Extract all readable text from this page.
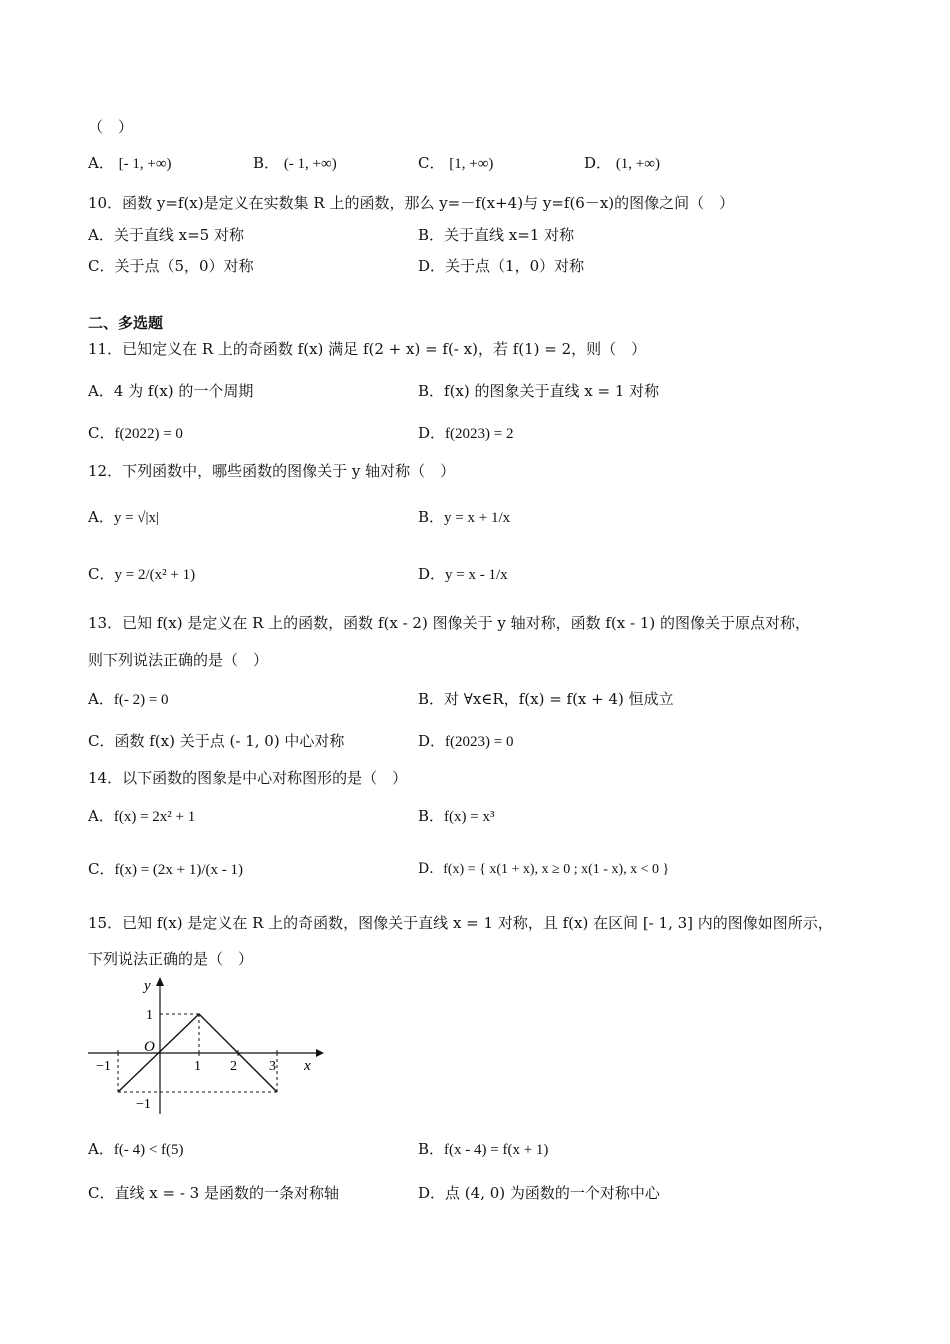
（　）
A． [- 1, +∞)	B． (- 1, +∞)	C． [1, +∞)	D． (1, +∞)
10．函数 y=f(x)是定义在实数集 R 上的函数，那么 y=－f(x+4)与 y=f(6－x)的图像之间（　）
A．关于直线 x=5 对称	B．关于直线 x=1 对称
C．关于点（5，0）对称	D．关于点（1，0）对称
二、多选题
11．已知定义在 R 上的奇函数 f(x) 满足 f(2 + x) = f(- x)，若 f(1) = 2，则（　）
A．4 为 f(x) 的一个周期	B．f(x) 的图象关于直线 x = 1 对称
C．f(2022) = 0	D．f(2023) = 2
12．下列函数中，哪些函数的图像关于 y 轴对称（　）
A．y = √|x|	B．y = x + 1/x
C．y = 2/(x² + 1)	D．y = x - 1/x
13．已知 f(x) 是定义在 R 上的函数，函数 f(x - 2) 图像关于 y 轴对称，函数 f(x - 1) 的图像关于原点对称，
则下列说法正确的是（　）
A．f(- 2) = 0	B．对 ∀x∈R，f(x) = f(x + 4) 恒成立
C．函数 f(x) 关于点 (- 1, 0) 中心对称	D．f(2023) = 0
14．以下函数的图象是中心对称图形的是（　）
A．f(x) = 2x² + 1	B．f(x) = x³
C．f(x) = (2x + 1)/(x - 1)	D．f(x) = { x(1 + x), x ≥ 0 ; x(1 - x), x < 0 }
15．已知 f(x) 是定义在 R 上的奇函数，图像关于直线 x = 1 对称，且 f(x) 在区间 [- 1, 3] 内的图像如图所示，
下列说法正确的是（　）
y
x
O
−1	1 2 3
1
−1
A．f(- 4) < f(5)	B．f(x - 4) = f(x + 1)
C．直线 x = - 3 是函数的一条对称轴	D．点 (4, 0) 为函数的一个对称中心
